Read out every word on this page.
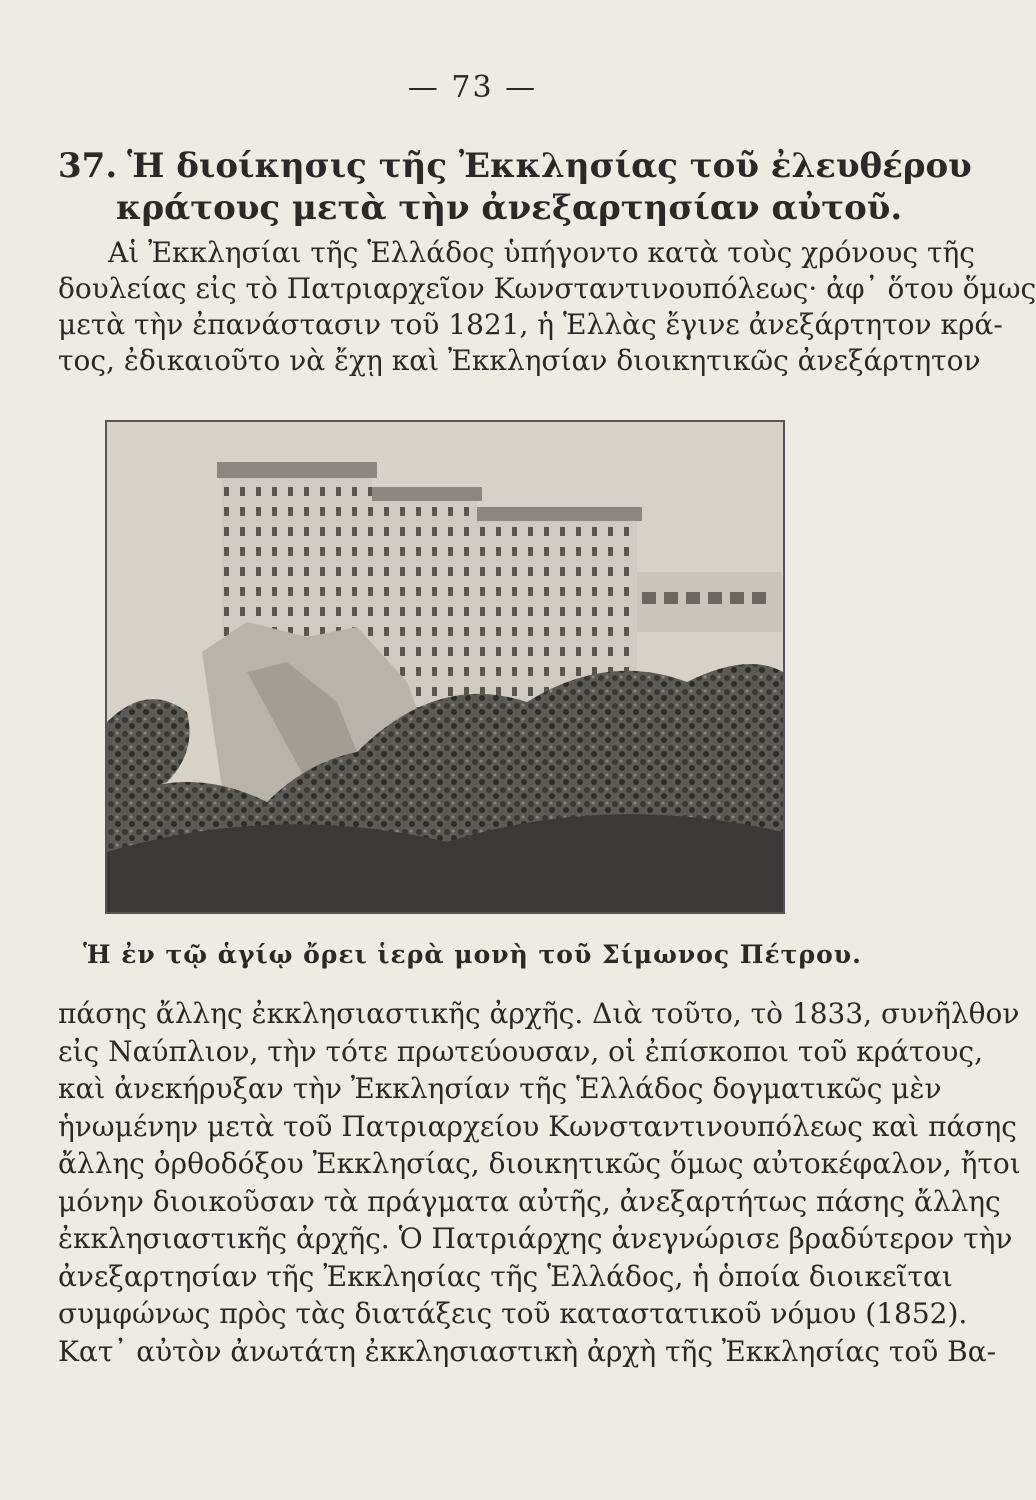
— 73 —
37. Ἡ διοίκησις τῆς Ἐκκλησίας τοῦ ἐλευθέρου
κράτους μετὰ τὴν ἀνεξαρτησίαν αὐτοῦ.
Αἱ Ἐκκλησίαι τῆς Ἑλλάδος ὑπήγοντο κατὰ τοὺς χρόνους τῆς
δουλείας εἰς τὸ Πατριαρχεῖον Κωνσταντινουπόλεως· ἀφ᾽ ὅτου ὅμως
μετὰ τὴν ἐπανάστασιν τοῦ 1821, ἡ Ἑλλὰς ἔγινε ἀνεξάρτητον κρά-
τος, ἐδικαιοῦτο νὰ ἔχῃ καὶ Ἐκκλησίαν διοικητικῶς ἀνεξάρτητον
Ἡ ἐν τῷ ἁγίῳ ὄρει ἱερὰ μονὴ τοῦ Σίμωνος Πέτρου.
πάσης ἄλλης ἐκκλησιαστικῆς ἀρχῆς. Διὰ τοῦτο, τὸ 1833, συνῆλθον
εἰς Ναύπλιον, τὴν τότε πρωτεύουσαν, οἱ ἐπίσκοποι τοῦ κράτους,
καὶ ἀνεκήρυξαν τὴν Ἐκκλησίαν τῆς Ἑλλάδος δογματικῶς μὲν
ἡνωμένην μετὰ τοῦ Πατριαρχείου Κωνσταντινουπόλεως καὶ πάσης
ἄλλης ὀρθοδόξου Ἐκκλησίας, διοικητικῶς ὅμως αὐτοκέφαλον, ἤτοι
μόνην διοικοῦσαν τὰ πράγματα αὐτῆς, ἀνεξαρτήτως πάσης ἄλλης
ἐκκλησιαστικῆς ἀρχῆς. Ὁ Πατριάρχης ἀνεγνώρισε βραδύτερον τὴν
ἀνεξαρτησίαν τῆς Ἐκκλησίας τῆς Ἑλλάδος, ἡ ὁποία διοικεῖται
συμφώνως πρὸς τὰς διατάξεις τοῦ καταστατικοῦ νόμου (1852).
Κατ᾽ αὐτὸν ἀνωτάτη ἐκκλησιαστικὴ ἀρχὴ τῆς Ἐκκλησίας τοῦ Βα-
